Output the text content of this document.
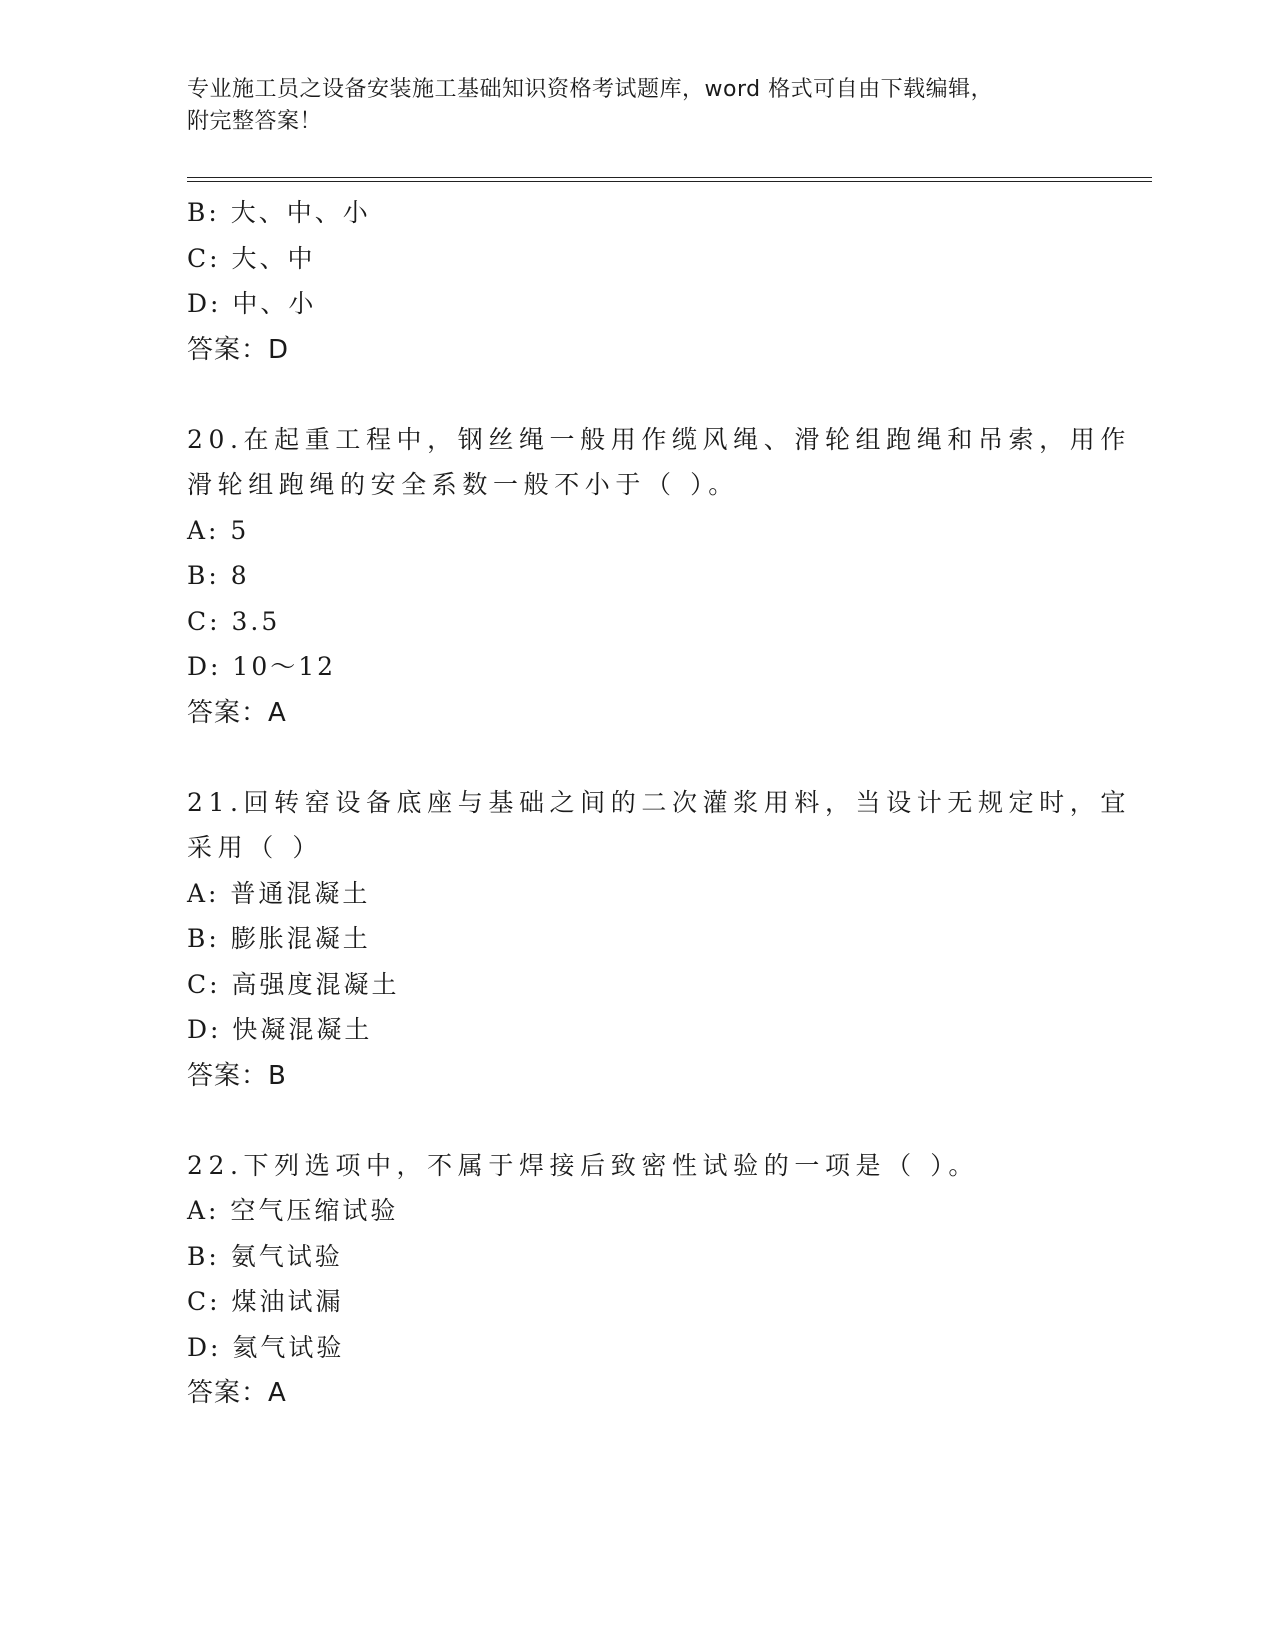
专业施工员之设备安装施工基础知识资格考试题库，word 格式可自由下载编辑，
附完整答案！
B: 大、中、小
C: 大、中
D: 中、小
答案：D
20.在起重工程中，钢丝绳一般用作缆风绳、滑轮组跑绳和吊索，用作
滑轮组跑绳的安全系数一般不小于（ ）。
A: 5
B: 8
C: 3.5
D: 10～12
答案：A
21.回转窑设备底座与基础之间的二次灌浆用料，当设计无规定时，宜
采用（ ）
A: 普通混凝土
B: 膨胀混凝土
C: 高强度混凝土
D: 快凝混凝土
答案：B
22.下列选项中，不属于焊接后致密性试验的一项是（ ）。
A: 空气压缩试验
B: 氨气试验
C: 煤油试漏
D: 氦气试验
答案：A
